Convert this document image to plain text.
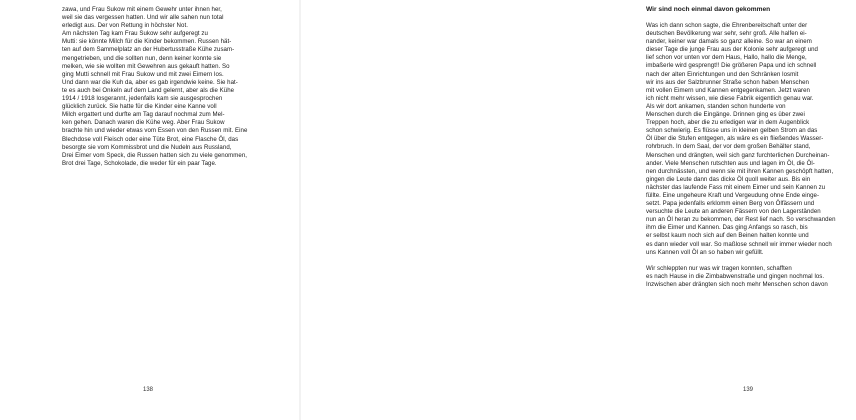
zawa, und Frau Sukow mit einem Gewehr unter ihnen her,
weil sie das vergessen hatten. Und wir alle sahen nun total
erledigt aus. Der von Rettung in höchster Not.
Am nächsten Tag kam Frau Sukow sehr aufgeregt zu
Mutti: sie könnte Milch für die Kinder bekommen. Russen hät-
ten auf dem Sammelplatz an der Hubertusstraße Kühe zusam-
mengetrieben, und die sollten nun, denn keiner konnte sie
melken, wie sie wollten mit Gewehren aus gekauft hatten. So
ging Mutti schnell mit Frau Sukow und mit zwei Eimern los.
Und dann war die Kuh da, aber es gab irgendwie keine. Sie hat-
te es auch bei Onkeln auf dem Land gelernt, aber als die Kühe
1914 / 1918 losgerannt, jedenfalls kam sie ausgesprochen
glücklich zurück. Sie hatte für die Kinder eine Kanne voll
Milch ergattert und durfte am Tag darauf nochmal zum Mel-
ken gehen. Danach waren die Kühe weg. Aber Frau Sukow
brachte hin und wieder etwas vom Essen von den Russen mit. Eine
Blechdose voll Fleisch oder eine Tüte Brot, eine Flasche Öl, das
besorgte sie vom Kommissbrot und die Nudeln aus Russland,
Drei Eimer vom Speck, die Russen hatten sich zu viele genommen,
Brot drei Tage, Schokolade, die weder für ein paar Tage.
138
Wir sind noch einmal davon gekommen
Was ich dann schon sagte, die Ehrenbereitschaft unter der
deutschen Bevölkerung war sehr, sehr groß. Alle halfen ei-
nander, keiner war damals so ganz alleine. So war an einem
dieser Tage die junge Frau aus der Kolonie sehr aufgeregt und
lief schon vor unten vor dem Haus, Hallo, hallo die Menge,
imbaßerle wird gesprengt!! Die größeren Papa und ich schnell
nach der alten Einrichtungen und den Schränken losmit
wir ins aus der Salzbrunner Straße schon haben Menschen
mit vollen Eimern und Kannen entgegenkamen. Jetzt waren
ich nicht mehr wissen, wie diese Fabrik eigentlich genau war.
Als wir dort ankamen, standen schon hunderte von
Menschen durch die Eingänge. Drinnen ging es über zwei
Treppen hoch, aber die zu erledigen war in dem Augenblick
schon schwierig. Es flüsse uns in kleinen gelben Strom an das
Öl über die Stufen entgegen, als wäre es ein fließendes Wasser-
rohrbruch. In dem Saal, der vor dem großen Behälter stand,
Menschen und drängten, weil sich ganz furchterlichen Durcheinan-
ander. Viele Menschen rutschten aus und lagen im Öl, die Öl-
nen durchnässten, und wenn sie mit ihren Kannen geschöpft hatten,
gingen die Leute dann das dicke Öl quoll weiter aus. Bis ein
nächster das laufende Fass mit einem Eimer und sein Kannen zu
füllte. Eine ungeheure Kraft und Vergeudung ohne Ende einge-
setzt. Papa jedenfalls erklomm einen Berg von Ölfässern und
versuchte die Leute an anderen Fässern von den Lagerständen
nun an Öl heran zu bekommen, der Rest lief nach. So verschwanden
ihm die Eimer und Kannen. Das ging Anfangs so rasch, bis
er selbst kaum noch sich auf den Beinen halten konnte und
es dann wieder voll war. So maßlose schnell wir immer wieder noch
uns Kannen voll Öl an so haben wir gefüllt.
Wir schleppten nur was wir tragen konnten, schafften
es nach Hause in die Zimbabwenstraße und gingen nochmal los.
Inzwischen aber drängten sich noch mehr Menschen schon davon
139
